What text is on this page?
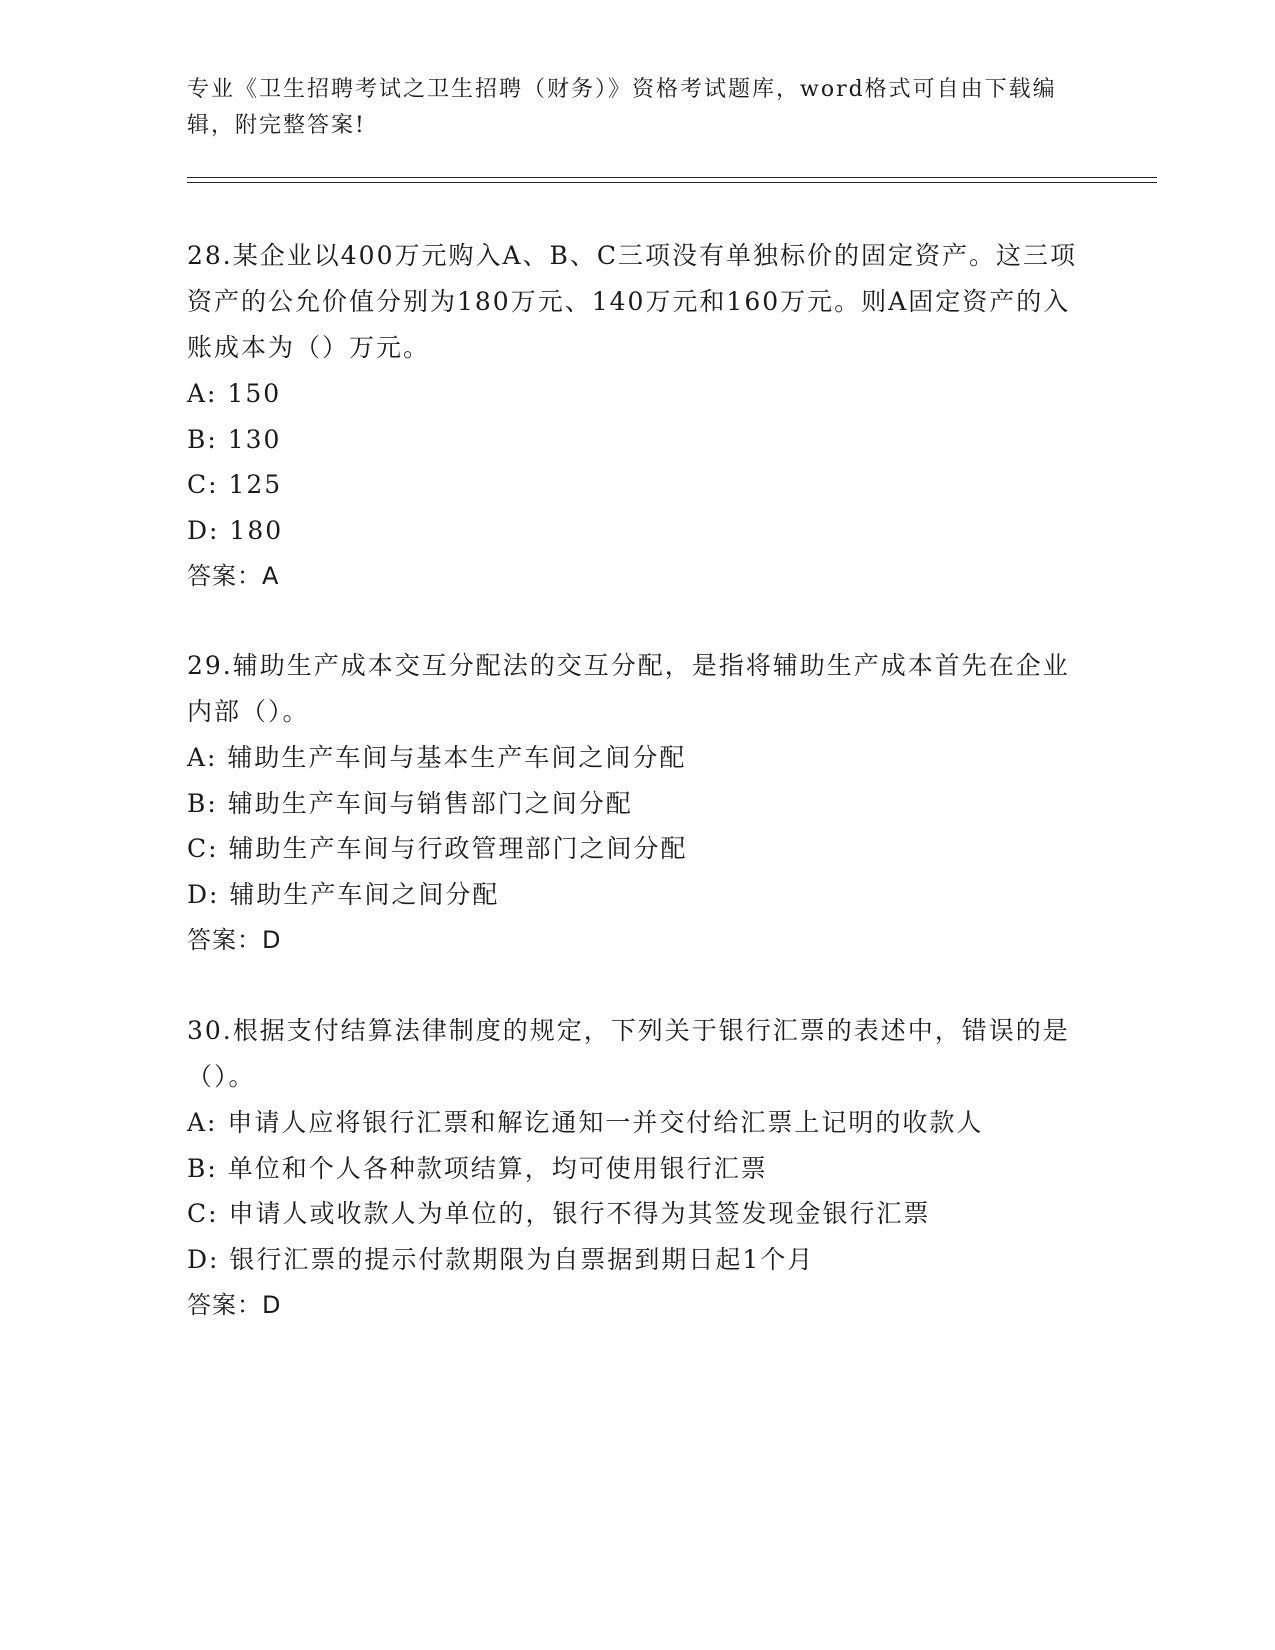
专业《卫生招聘考试之卫生招聘（财务）》资格考试题库，word格式可自由下载编辑，附完整答案!
28.某企业以400万元购入A、B、C三项没有单独标价的固定资产。这三项资产的公允价值分别为180万元、140万元和160万元。则A固定资产的入账成本为（）万元。
A: 150
B: 130
C: 125
D: 180
答案：A
29.辅助生产成本交互分配法的交互分配，是指将辅助生产成本首先在企业内部（）。
A: 辅助生产车间与基本生产车间之间分配
B: 辅助生产车间与销售部门之间分配
C: 辅助生产车间与行政管理部门之间分配
D: 辅助生产车间之间分配
答案：D
30.根据支付结算法律制度的规定，下列关于银行汇票的表述中，错误的是（）。
A: 申请人应将银行汇票和解讫通知一并交付给汇票上记明的收款人
B: 单位和个人各种款项结算，均可使用银行汇票
C: 申请人或收款人为单位的，银行不得为其签发现金银行汇票
D: 银行汇票的提示付款期限为自票据到期日起1个月
答案：D
